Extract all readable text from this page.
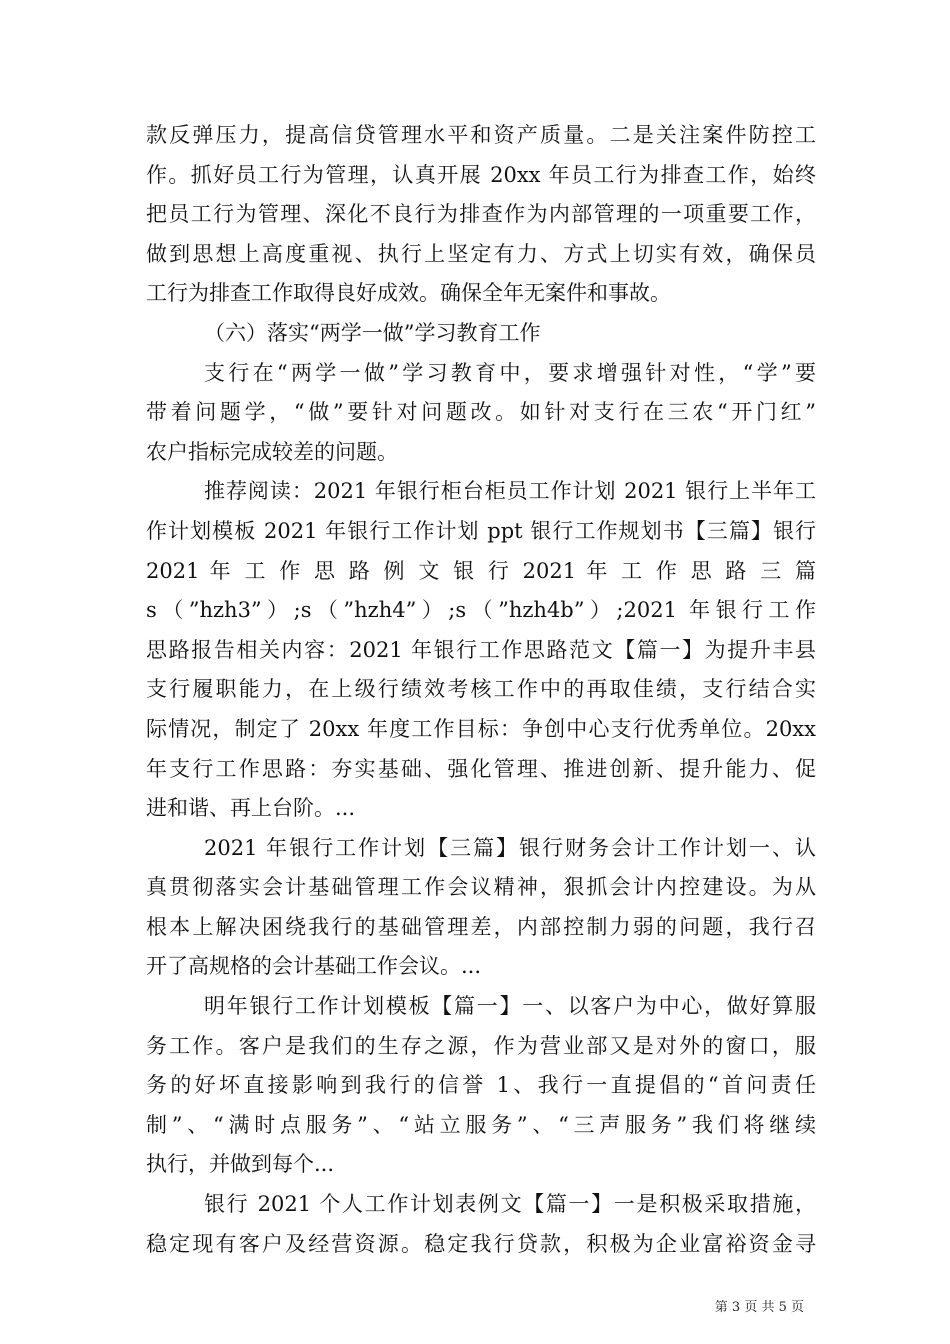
款反弹压力，提高信贷管理水平和资产质量。二是关注案件防控工
作。抓好员工行为管理，认真开展 20xx 年员工行为排查工作，始终
把员工行为管理、深化不良行为排查作为内部管理的一项重要工作，
做到思想上高度重视、执行上坚定有力、方式上切实有效，确保员
工行为排查工作取得良好成效。确保全年无案件和事故。
（六）落实“两学一做”学习教育工作
支行在“两学一做”学习教育中，要求增强针对性，“学”要
带着问题学，“做”要针对问题改。如针对支行在三农“开门红”
农户指标完成较差的问题。
推荐阅读：2021 年银行柜台柜员工作计划 2021 银行上半年工
作计划模板 2021 年银行工作计划 ppt 银行工作规划书【三篇】银行
2021 年 工 作 思 路 例 文 银 行 2021 年 工 作 思 路 三 篇
s（”hzh3”）;s（”hzh4”）;s（”hzh4b”）;2021 年银行工作
思路报告相关内容：2021 年银行工作思路范文【篇一】为提升丰县
支行履职能力，在上级行绩效考核工作中的再取佳绩，支行结合实
际情况，制定了 20xx 年度工作目标：争创中心支行优秀单位。20xx
年支行工作思路：夯实基础、强化管理、推进创新、提升能力、促
进和谐、再上台阶。...
2021 年银行工作计划【三篇】银行财务会计工作计划一、认
真贯彻落实会计基础管理工作会议精神，狠抓会计内控建设。为从
根本上解决困绕我行的基础管理差，内部控制力弱的问题，我行召
开了高规格的会计基础工作会议。...
明年银行工作计划模板【篇一】一、以客户为中心，做好算服
务工作。客户是我们的生存之源，作为营业部又是对外的窗口，服
务的好坏直接影响到我行的信誉 1、我行一直提倡的“首问责任
制”、“满时点服务”、“站立服务”、“三声服务”我们将继续
执行，并做到每个...
银行 2021 个人工作计划表例文【篇一】一是积极采取措施，
稳定现有客户及经营资源。稳定我行贷款，积极为企业富裕资金寻
第 3 页 共 5 页
